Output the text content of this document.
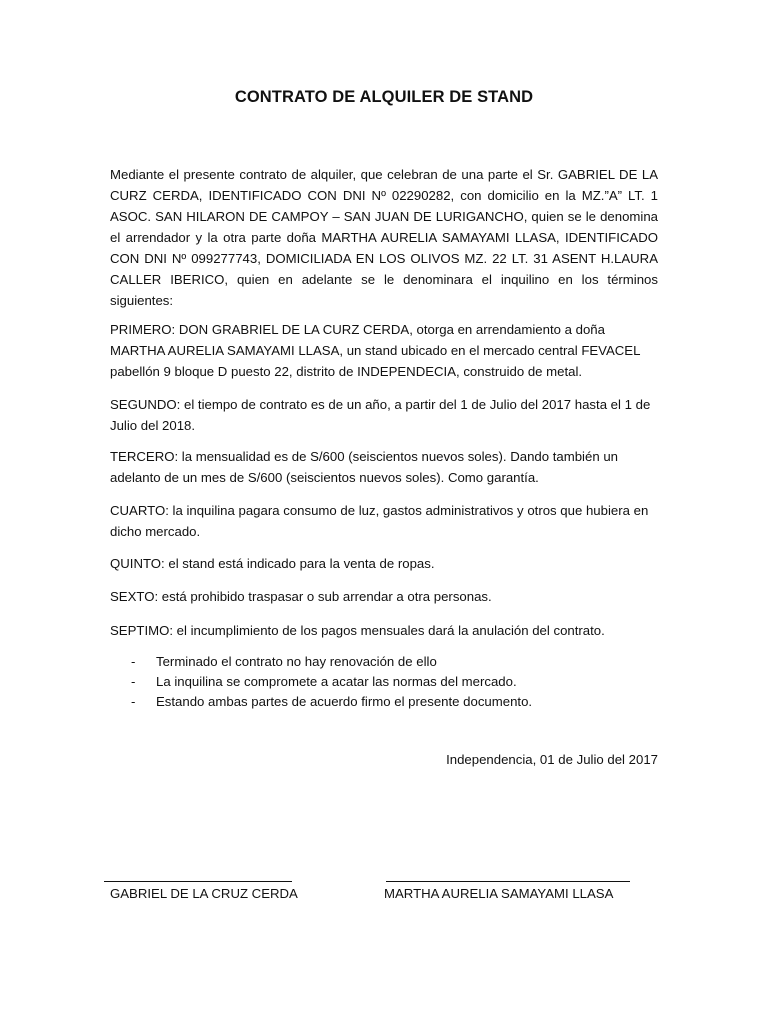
CONTRATO DE ALQUILER DE STAND
Mediante el presente contrato de alquiler, que celebran de una parte el Sr. GABRIEL DE LA CURZ CERDA, IDENTIFICADO CON DNI Nº 02290282, con domicilio en la MZ.”A” LT. 1 ASOC. SAN HILARON DE CAMPOY – SAN JUAN DE LURIGANCHO, quien se le denomina el arrendador y la otra parte doña MARTHA AURELIA SAMAYAMI LLASA, IDENTIFICADO CON DNI Nº 099277743, DOMICILIADA EN LOS OLIVOS MZ. 22 LT. 31 ASENT H.LAURA CALLER IBERICO, quien en adelante se le denominara el inquilino en los términos siguientes:
PRIMERO: DON GRABRIEL DE LA CURZ CERDA, otorga en arrendamiento a doña MARTHA AURELIA SAMAYAMI LLASA, un stand ubicado en el mercado central FEVACEL pabellón 9 bloque D puesto 22, distrito de INDEPENDECIA, construido de metal.
SEGUNDO: el tiempo de contrato es de un año, a partir del 1 de Julio del 2017 hasta el 1 de Julio del 2018.
TERCERO: la mensualidad es de S/600 (seiscientos nuevos soles). Dando también un adelanto de un mes de S/600 (seiscientos nuevos soles). Como garantía.
CUARTO: la inquilina pagara consumo de luz, gastos administrativos y otros que hubiera en dicho mercado.
QUINTO: el stand está indicado para la venta de ropas.
SEXTO: está prohibido traspasar o sub arrendar a otra personas.
SEPTIMO: el incumplimiento de los pagos mensuales dará la anulación del contrato.
- Terminado el contrato no hay renovación de ello
- La inquilina se compromete a acatar las normas del mercado.
- Estando ambas partes de acuerdo firmo el presente documento.
Independencia, 01 de Julio del 2017
GABRIEL DE LA CRUZ CERDA	MARTHA AURELIA SAMAYAMI LLASA
